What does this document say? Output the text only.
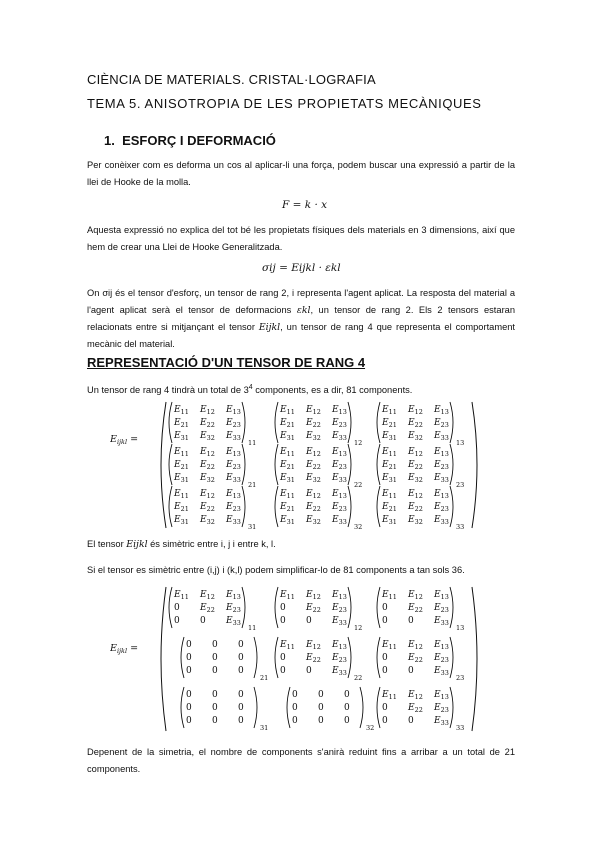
CIÈNCIA DE MATERIALS. CRISTAL·LOGRAFIA
TEMA 5. ANISOTROPIA DE LES PROPIETATS MECÀNIQUES
1. ESFORÇ I DEFORMACIÓ
Per conèixer com es deforma un cos al aplicar-li una força, podem buscar una expressió a partir de la llei de Hooke de la molla.
F = k · x
Aquesta expressió no explica del tot bé les propietats físiques dels materials en 3 dimensions, així que hem de crear una Llei de Hooke Generalitzada.
σij = Eijkl · εkl
On σij és el tensor d'esforç, un tensor de rang 2, i representa l'agent aplicat. La resposta del material a l'agent aplicat serà el tensor de deformacions εkl, un tensor de rang 2. Els 2 tensors estaran relacionats entre si mitjançant el tensor Eijkl, un tensor de rang 4 que representa el comportament mecànic del material.
REPRESENTACIÓ D'UN TENSOR DE RANG 4
Un tensor de rang 4 tindrà un total de $3^4$ components, es a dir, 81 components.
$E_{ijkl}$ =
$E_{11}$ $E_{12}$ $E_{13}$
$E_{21}$ $E_{22}$ $E_{23}$
$E_{31}$ $E_{32}$ $E_{33}$
11
$E_{11}$ $E_{12}$ $E_{13}$
$E_{21}$ $E_{22}$ $E_{23}$
$E_{31}$ $E_{32}$ $E_{33}$
12
$E_{11}$ $E_{12}$ $E_{13}$
$E_{21}$ $E_{22}$ $E_{23}$
$E_{31}$ $E_{32}$ $E_{33}$
13
$E_{11}$ $E_{12}$ $E_{13}$
$E_{21}$ $E_{22}$ $E_{23}$
$E_{31}$ $E_{32}$ $E_{33}$
21
$E_{11}$ $E_{12}$ $E_{13}$
$E_{21}$ $E_{22}$ $E_{23}$
$E_{31}$ $E_{32}$ $E_{33}$
22
$E_{11}$ $E_{12}$ $E_{13}$
$E_{21}$ $E_{22}$ $E_{23}$
$E_{31}$ $E_{32}$ $E_{33}$
23
$E_{11}$ $E_{12}$ $E_{13}$
$E_{21}$ $E_{22}$ $E_{23}$
$E_{31}$ $E_{32}$ $E_{33}$
31
$E_{11}$ $E_{12}$ $E_{13}$
$E_{21}$ $E_{22}$ $E_{23}$
$E_{31}$ $E_{32}$ $E_{33}$
32
$E_{11}$ $E_{12}$ $E_{13}$
$E_{21}$ $E_{22}$ $E_{23}$
$E_{31}$ $E_{32}$ $E_{33}$
33
El tensor Eijkl és simètric entre i, j i entre k, l.
Si el tensor es simètric entre (i,j) i (k,l) podem simplificar-lo de 81 components a tan sols 36.
$E_{ijkl}$ =
$E_{11}$ $E_{12}$ $E_{13}$
0 $E_{22}$ $E_{23}$
0 0 $E_{33}$
11
$E_{11}$ $E_{12}$ $E_{13}$
0 $E_{22}$ $E_{23}$
0 0 $E_{33}$
12
$E_{11}$ $E_{12}$ $E_{13}$
0 $E_{22}$ $E_{23}$
0 0 $E_{33}$
13
0 0 0
0 0 0
0 0 0
21
$E_{11}$ $E_{12}$ $E_{13}$
0 $E_{22}$ $E_{23}$
0 0 $E_{33}$
22
$E_{11}$ $E_{12}$ $E_{13}$
0 $E_{22}$ $E_{23}$
0 0 $E_{33}$
23
0 0 0
0 0 0
0 0 0
31
0 0 0
0 0 0
0 0 0
32
$E_{11}$ $E_{12}$ $E_{13}$
0 $E_{22}$ $E_{23}$
0 0 $E_{33}$
33
Depenent de la simetria, el nombre de components s'anirà reduint fins a arribar a un total de 21 components.
